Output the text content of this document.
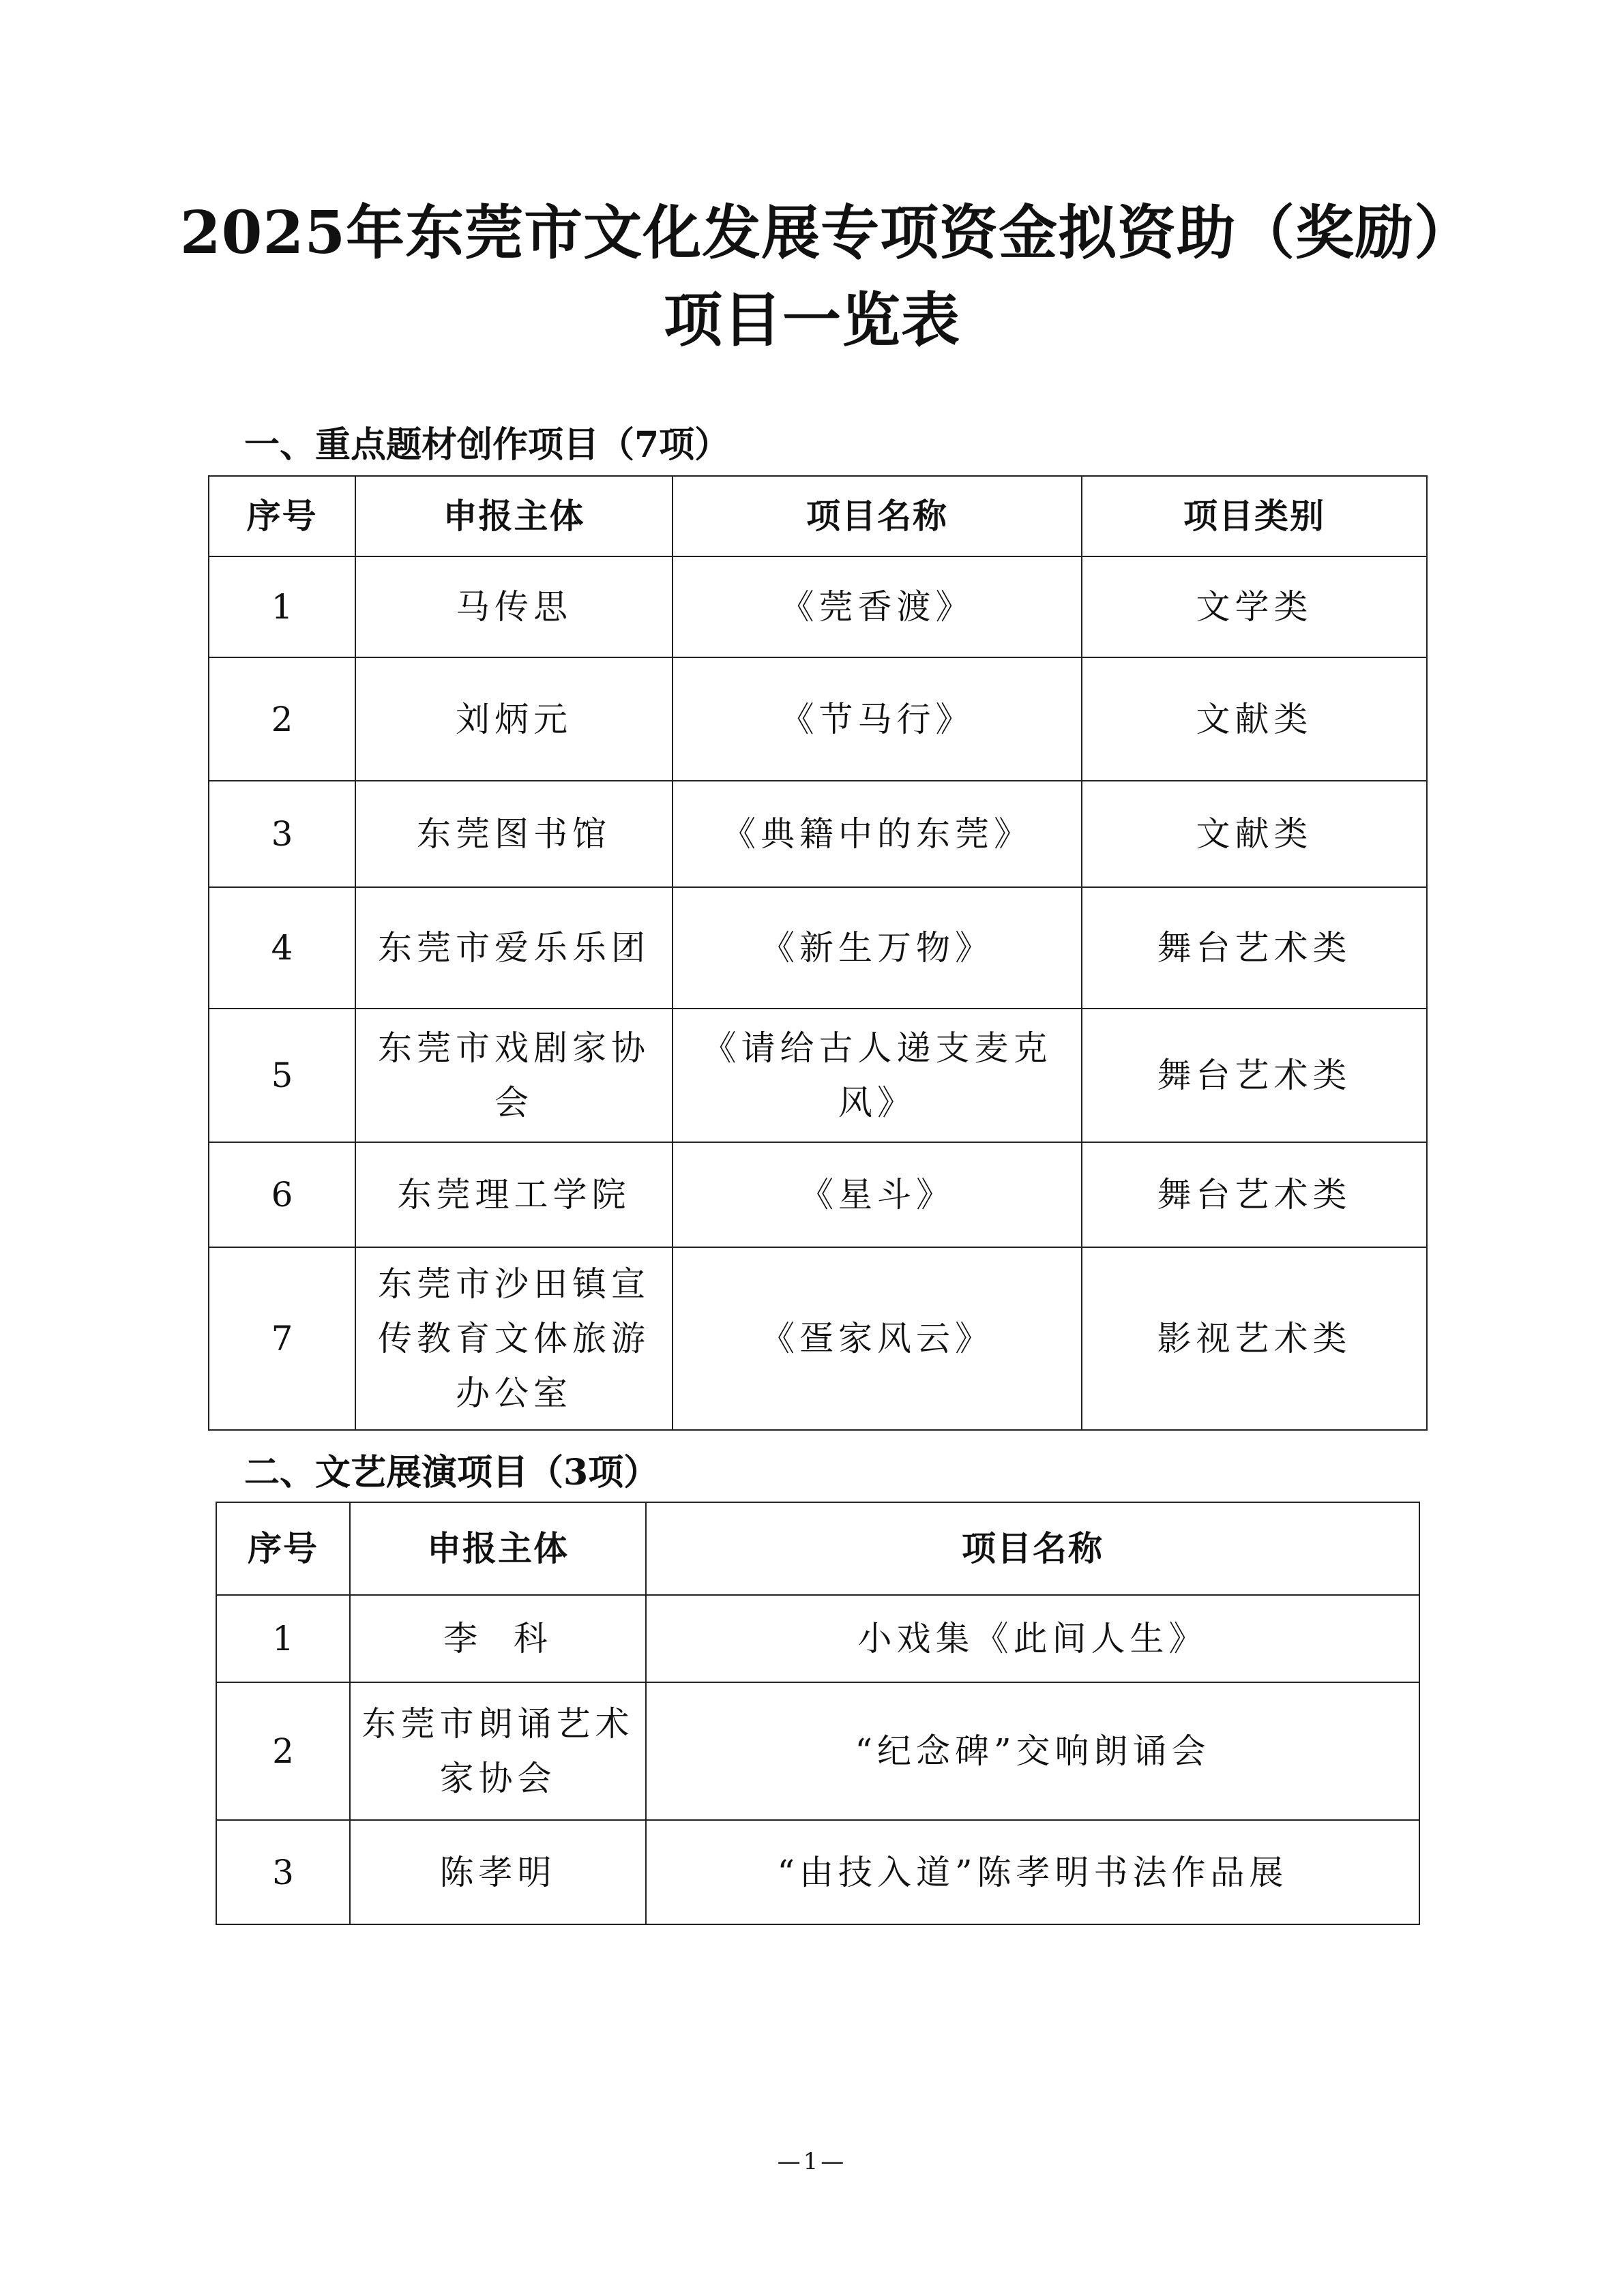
2025年东莞市文化发展专项资金拟资助（奖励）项目一览表
一、重点题材创作项目（7项）
序号	申报主体	项目名称	项目类别
1	马传思	《莞香渡》	文学类
2	刘炳元	《节马行》	文献类
3	东莞图书馆	《典籍中的东莞》	文献类
4	东莞市爱乐乐团	《新生万物》	舞台艺术类
5	东莞市戏剧家协会	《请给古人递支麦克风》	舞台艺术类
6	东莞理工学院	《星斗》	舞台艺术类
7	东莞市沙田镇宣传教育文体旅游办公室	《疍家风云》	影视艺术类
二、文艺展演项目（3项）
序号	申报主体	项目名称
1	李  科	小戏集《此间人生》
2	东莞市朗诵艺术家协会	“纪念碑”交响朗诵会
3	陈孝明	“由技入道”陈孝明书法作品展
—1—
